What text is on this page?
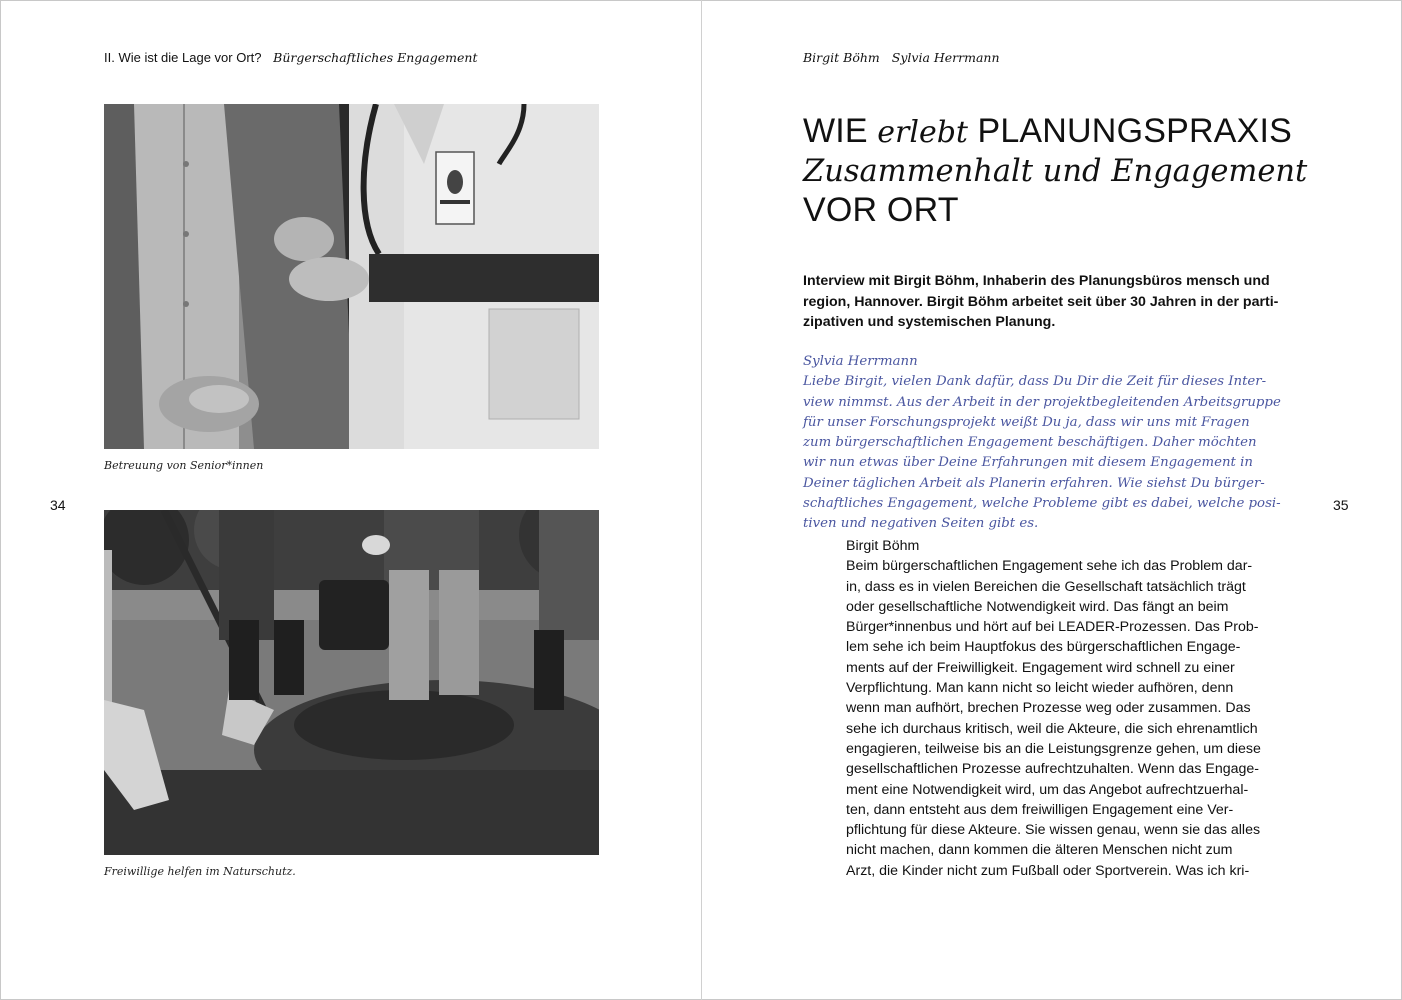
II. Wie ist die Lage vor Ort? Bürgerschaftliches Engagement
34
Betreuung von Senior*innen
Freiwillige helfen im Naturschutz.
Birgit Böhm Sylvia Herrmann
35
WIE erlebt PLANUNGSPRAXIS
Zusammenhalt und Engagement
VOR ORT
Interview mit Birgit Böhm, Inhaberin des Planungsbüros mensch und
region, Hannover. Birgit Böhm arbeitet seit über 30 Jahren in der parti-
zipativen und systemischen Planung.
Sylvia Herrmann
Liebe Birgit, vielen Dank dafür, dass Du Dir die Zeit für dieses Inter-
view nimmst. Aus der Arbeit in der projektbegleitenden Arbeitsgruppe
für unser Forschungsprojekt weißt Du ja, dass wir uns mit Fragen
zum bürgerschaftlichen Engagement beschäftigen. Daher möchten
wir nun etwas über Deine Erfahrungen mit diesem Engagement in
Deiner täglichen Arbeit als Planerin erfahren. Wie siehst Du bürger-
schaftliches Engagement, welche Probleme gibt es dabei, welche posi-
tiven und negativen Seiten gibt es.
Birgit Böhm
Beim bürgerschaftlichen Engagement sehe ich das Problem dar-
in, dass es in vielen Bereichen die Gesellschaft tatsächlich trägt
oder gesellschaftliche Notwendigkeit wird. Das fängt an beim
Bürger*innenbus und hört auf bei LEADER-Prozessen. Das Prob-
lem sehe ich beim Hauptfokus des bürgerschaftlichen Engage-
ments auf der Freiwilligkeit. Engagement wird schnell zu einer
Verpflichtung. Man kann nicht so leicht wieder aufhören, denn
wenn man aufhört, brechen Prozesse weg oder zusammen. Das
sehe ich durchaus kritisch, weil die Akteure, die sich ehrenamtlich
engagieren, teilweise bis an die Leistungsgrenze gehen, um diese
gesellschaftlichen Prozesse aufrechtzuhalten. Wenn das Engage-
ment eine Notwendigkeit wird, um das Angebot aufrechtzuerhal-
ten, dann entsteht aus dem freiwilligen Engagement eine Ver-
pflichtung für diese Akteure. Sie wissen genau, wenn sie das alles
nicht machen, dann kommen die älteren Menschen nicht zum
Arzt, die Kinder nicht zum Fußball oder Sportverein. Was ich kri-
